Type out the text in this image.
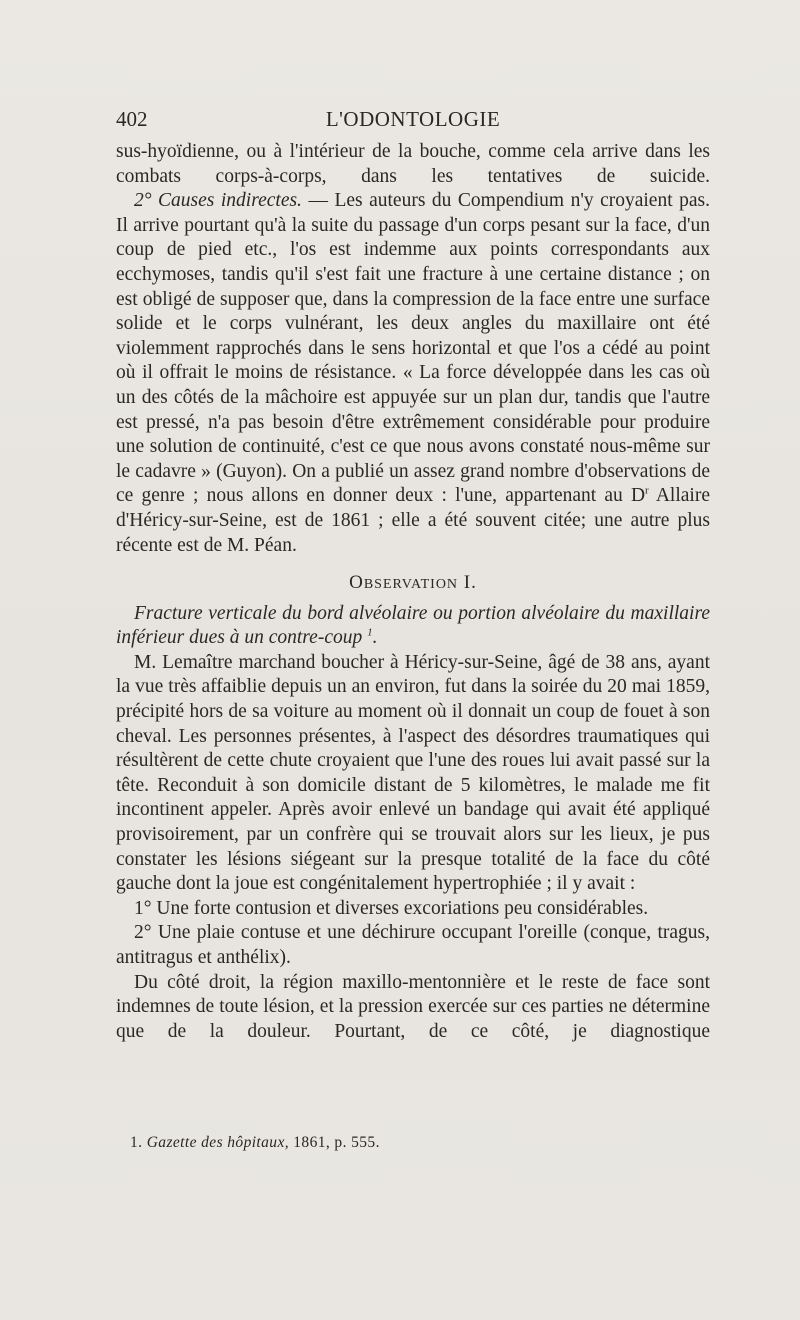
402	L'ODONTOLOGIE

sus-hyoïdienne, ou à l'intérieur de la bouche, comme cela arrive dans les combats corps-à-corps, dans les tentatives de suicide.

2° Causes indirectes. — Les auteurs du Compendium n'y croyaient pas. Il arrive pourtant qu'à la suite du passage d'un corps pesant sur la face, d'un coup de pied etc., l'os est indemme aux points correspondants aux ecchymoses, tandis qu'il s'est fait une fracture à une certaine distance ; on est obligé de supposer que, dans la compression de la face entre une surface solide et le corps vulnérant, les deux angles du maxillaire ont été violemment rapprochés dans le sens horizontal et que l'os a cédé au point où il offrait le moins de résistance. « La force développée dans les cas où un des côtés de la mâchoire est appuyée sur un plan dur, tandis que l'autre est pressé, n'a pas besoin d'être extrêmement considérable pour produire une solution de continuité, c'est ce que nous avons constaté nous-même sur le cadavre » (Guyon). On a publié un assez grand nombre d'observations de ce genre ; nous allons en donner deux : l'une, appartenant au $D^r$ Allaire d'Héricy-sur-Seine, est de 1861 ; elle a été souvent citée; une autre plus récente est de M. Péan.

OBSERVATION I.

Fracture verticale du bord alvéolaire ou portion alvéolaire du maxillaire inférieur dues à un contre-coup $^1$.

M. Lemaître marchand boucher à Héricy-sur-Seine, âgé de 38 ans, ayant la vue très affaiblie depuis un an environ, fut dans la soirée du 20 mai 1859, précipité hors de sa voiture au moment où il donnait un coup de fouet à son cheval. Les personnes présentes, à l'aspect des désordres traumatiques qui résultèrent de cette chute croyaient que l'une des roues lui avait passé sur la tête. Reconduit à son domicile distant de 5 kilomètres, le malade me fit incontinent appeler. Après avoir enlevé un bandage qui avait été appliqué provisoirement, par un confrère qui se trouvait alors sur les lieux, je pus constater les lésions siégeant sur la presque totalité de la face du côté gauche dont la joue est congénitalement hypertrophiée ; il y avait :

1° Une forte contusion et diverses excoriations peu considérables.

2° Une plaie contuse et une déchirure occupant l'oreille (conque, tragus, antitragus et anthélix).

Du côté droit, la région maxillo-mentonnière et le reste de face sont indemnes de toute lésion, et la pression exercée sur ces parties ne détermine que de la douleur. Pourtant, de ce côté, je diagnostique

1. Gazette des hôpitaux, 1861, p. 555.
